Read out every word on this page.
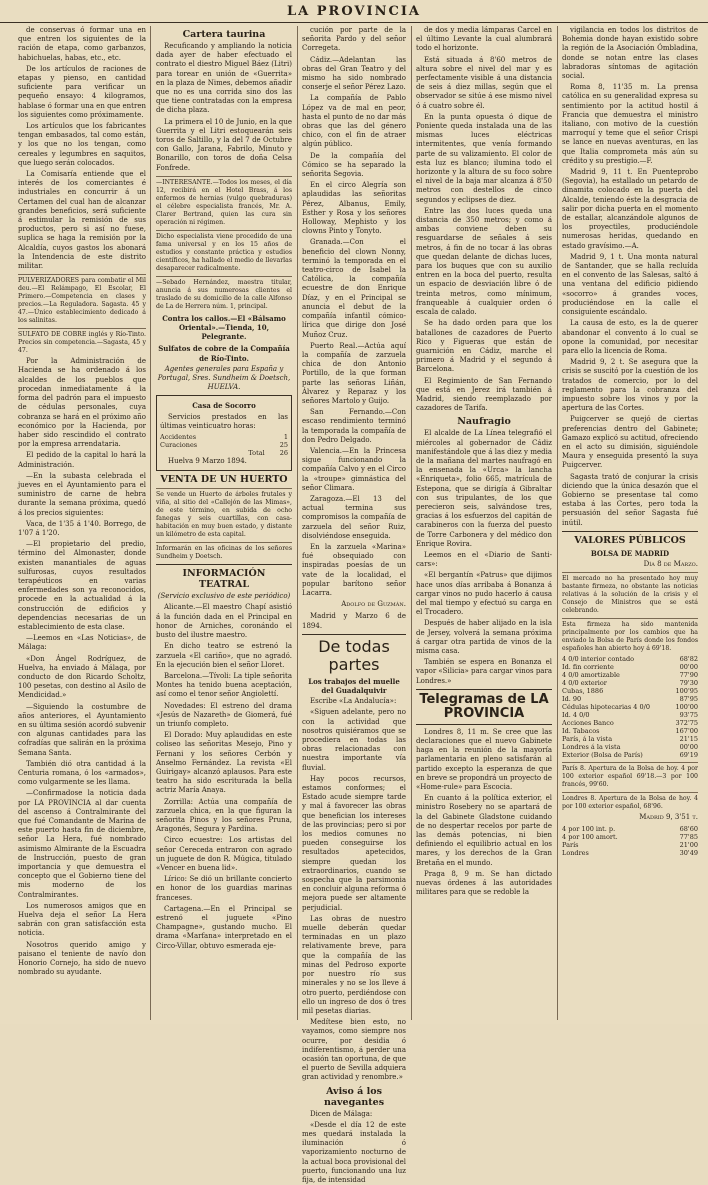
LA PROVINCIA

de conservas ó formar una en que entren los siguientes de la ración de etapa, como garbanzos, habichuelas, habas, etc., etc.

De los artículos de raciones de etapas y pienso, en cantidad suficiente para verificar un pequeño ensayo: 4 kilogramos, hablase ó formar una en que entren los siguientes como próximamente.

Los artículos que los fabricantes tengan embasados, tal como están, y los que no los tengan, como cereales y legumbres en saquitos, que luego serán colocados.

La Comisaría entiende que el interés de los comerciantes é industriales en concurrir á un Certamen del cual han de alcanzar grandes beneficios, será suficiente á estimular la remisión de sus productos, pero si así no fuese, suplica se haga la remisión por la Alcaldía, cuyos gastos los abonará la Intendencia de este distrito militar.

PULVERIZADORES para combatir el Mil deu.—El Relámpago, El Escolar, El Primero.—Competencia en clases y precios.—La Reguladora. Sagasta. 45 y 47.—Único establecimiento dedicado á los salinitas.

SULFATO DE COBRE inglés y Río-Tinto. Precios sin competencia.—Sagasta, 45 y 47.

Por la Administración de Hacienda se ha ordenado á los alcaldes de los pueblos que procedan inmediatamente á la forma del padrón para el impuesto de cédulas personales, cuya cobranza se hará en el próximo año económico por la Hacienda, por haber sido rescindido el contrato por la empresa arrendataria.

El pedido de la capital lo hará la Administración.

—En la subasta celebrada el jueves en el Ayuntamiento para el suministro de carne de hebra durante la semana próxima, quedó á los precios siguientes:

Vaca, de 1'35 á 1'40. Borrego, de 1'07 á 1'20.

—El propietario del predio, término del Almonaster, donde existen manantiales de aguas sulfurosas, cuyos resultados terapéuticos en varias enfermedades son ya reconocidos, procede en la actualidad á la construcción de edificios y dependencias necesarias de un establecimiento de esta clase.

—Leemos en «Las Noticias», de Málaga:

«Don Ángel Rodríguez, de Huelva, ha enviado á Málaga, por conducto de don Ricardo Scholtz, 100 pesetas, con destino al Asilo de Mendicidad.»

—Siguiendo la costumbre de años anteriores, el Ayuntamiento en su última sesión acordó subvenir con algunas cantidades para las cofradías que salirán en la próxima Semana Santa.

También dió otra cantidad á la Centuria romana, ó los «armados», como vulgarmente se les llama.

—Confirmadose la noticia dada por LA PROVINCIA al dar cuenta del ascenso á Contralmirante del que fué Comandante de Marina de este puerto hasta fin de diciembre, señor La Hera, fué nombrado asimismo Almirante de la Escuadra de Instrucción, puesto de gran importancia y que demuestra el concepto que el Gobierno tiene del mis moderno de los Contralmirantes.

Los numerosos amigos que en Huelva deja el señor La Hera sabrán con gran satisfacción esta noticia.

Nosotros querido amigo y paisano el teniente de navío don Honorio Cornejo, ha sido de nuevo nombrado su ayudante.

Cartera taurina

Recuficando y ampliando la noticia dada ayer de haber efectuado el contrato el diestro Miguel Báez (Litri) para torear en unión de «Guerrita» en la plaza de Nimes, debemos añadir que no es una corrida sino dos las que tiene contratadas con la empresa de dicha plaza.

La primera el 10 de Junio, en la que Guerrita y el Litri estoquearán seis toros de Saltillo, y la del 7 de Octubre con Gallo, Jarana, Fabrilo, Minuto y Bonarillo, con toros de doña Celsa Fonfrede.

—INTERESANTE.—Todos los meses, el día 12, recibirá en el Hotel Brass, á los enfermos de hernias (vulgo quebraduras) el célebre especialista francés, Mr. A. Clarer Bertrand, quien las cura sin operación ni régimen.

Dicho especialista viene procedido de una fama universal y en los 15 años de estudios y constante práctica y estudios científicos, ha hallado el medio de llevarlas desaparecer radicalmente.

—Sebado Hernández, maestra titular, anuncia á sus numerosas clientes el traslado de su domicilio de la calle Alfonso de La de Herrera núm. 1, principal.

Contra los callos.—El «Bálsamo Oriental».—Tienda, 10, Pelegrante.
Sulfatos de cobre de la Compañía de Río-Tinto.

Agentes generales para España y Portugal, Sres. Sundheim & Doetsch, HUELVA.

Casa de Socorro

Servicios prestados en las últimas veinticuatro horas:

Accidentes	1
Curaciones	25
Total	26

Huelva 9 Marzo 1894.

VENTA DE UN HUERTO

Se vende un Huerto de árboles frutales y viña, al sitio del «Callejón de las Mimas», de este término, en subida de ocho fanegas y seis cuartillas, con casa-habitación en muy buen estado, y distante un kilómetro de esta capital.

Informarán en las oficinas de los señores Sundheim y Doetsch.

INFORMACIÓN TEATRAL

(Servicio exclusivo de este periódico)

Alicante.—El maestro Chapí asistió á la función dada en el Principal en honor de Arniches, coronándo el busto del ilustre maestro.

En dicho teatro se estrenó la zarzuela «El cariño», que no agradó. En la ejecución bien el señor Lloret.

Barcelona.—Tívoli: La tiple señorita Montes ha tenido buena aceptación, así como el tenor señor Angiolettí.

Novedades: El estreno del drama «Jesús de Nazareth» de Giomerá, fué un triunfo completo.

El Dorado: Muy aplaudidas en este coliseo las señoritas Mesejo, Pino y Fernani y los señores Cerbón y Anselmo Fernández. La revista «El Guirigay» alcanzó aplausos. Para este teatro ha sido escriturada la bella actriz María Anaya.

Zorrilla: Actúa una compañía de zarzuela chica, en la que figuran la señorita Pinos y los señores Pruna, Aragonés, Segura y Pardina.

Circo ecuestre: Los artistas del señor Cereceda entraron con agrado un juguete de don R. Múgica, titulado «Vencer en buena lid».

Lírico: Se dió un brillante concierto en honor de los guardias marinas franceses.

Cartagena.—En el Principal se estrenó el juguete «Pino Champagne», gustando mucho. El drama «Marfana» interpretado en el Circo-Villar, obtuvo esmerada eje-

cución por parte de la señorita Pardo y del señor Corregeta.

Cádiz.—Adelantan las obras del Gran Teatro y del mismo ha sido nombrado conserje el señor Pérez Lazo.

La compañía de Pablo López va de mal en peor, hasta el punto de no dar más obras que las del género chico, con el fin de atraer algún público.

De la compañía del Cómico se ha separado la señorita Segovia.

En el circo Alegría son aplaudidas las señoritas Pérez, Albanus, Emily, Esther y Rosa y los señores Holloway, Mephisto y los clowns Pinto y Tonyto.

Granada.—Con el beneficio del clown Nonny, terminó la temporada en el teatro-circo de Isabel la Católica, la compañía ecuestre de don Enrique Díaz, y en el Principal se anuncia el debut de la compañía infantil cómico-lírica que dirige don José Muñoz Cruz.

Puerto Real.—Actúa aquí la compañía de zarzuela chica de don Antonio Portillo, de la que forman parte las señoras Liñán, Álvarez y Reparaz y los señores Martolo y Guijo.

San Fernando.—Con escaso rendimiento terminó la temporada la compañía de don Pedro Delgado.

Valencia.—En la Princesa sigue funcionando la compañía Calvo y en el Circo la «troupe» gimnástica del señor Climara.

Zaragoza.—El 13 del actual termina sus compromisos la compañía de zarzuela del señor Ruiz, disolviéndose enseguida.

En la zarzuela «Marina» fué obsequiado con inspiradas poesías de un vate de la localidad, el popular barítono señor Lacarra.

Adolfo de Guzmán.

Madrid y Marzo 6 de 1894.

De todas partes
Los trabajos del muelle del Guadalquivir

Escribe «La Andalucía»:

«Siguen adelante, pero no con la actividad que nosotros quisiéramos que se procediera en todas las obras relacionadas con nuestra importante vía fluvial.

Hay pocos recursos, estamos conformes; el Estado acude siempre tarde y mal á favorecer las obras que benefician los intereses de las provincias; pero si por los medios comunes no pueden conseguirse los resultados apetecidos, siempre quedan los extraordinarios, cuando se sospecha que la parsimonia en concluir alguna reforma ó mejora puede ser altamente perjudicial.

Las obras de nuestro muelle deberán quedar terminadas en un plazo relativamente breve, para que la compañía de las minas del Pedroso exporte por nuestro río sus minerales y no se los lleve á otro puerto, perdiéndose con ello un ingreso de dos ó tres mil pesetas diarias.

Medítese bien esto, no vayamos, como siempre nos ocurre, por desidia ó indiferentismo, á perder una ocasión tan oportuna, de que el puerto de Sevilla adquiera gran actividad y renombre.»

Aviso á los navegantes

Dicen de Málaga:

«Desde el día 12 de este mes quedará instalada la iluminación ó vaporizamiento nocturno de la actual boca provisional del puerto, funcionando una luz fija, de intensidad

de dos y media lámparas Carcel en el último Levante la cual alumbrará todo el horizonte.

Está situada á 8'60 metros de altura sobre el nivel del mar y es perfectamente visible á una distancia de seis á diez millas, según que el observador se sitúe á ese mismo nivel ó á cuatro sobre él.

En la punta opuesta ó dique de Poniente queda instalada una de las mismas luces eléctricas intermitentes, que venía formando parte de su valizamiento. El color de esta luz es blanco; ilumina todo el horizonte y la altura de su foco sobre el nivel de la baja mar alcanza á 8'50 metros con destellos de cinco segundos y eclipses de diez.

Entre las dos luces queda una distancia de 350 metros; y como á ambas conviene deben su resguardarse de señales á seis metros, á fin de no tocar á las obras que quedan delante de dichas luces, para los buques que con su auxilio entren en la boca del puerto, resulta un espacio de desviación libre ó de treinta metros, como mínimum, franqueable á cualquier orden ó escala de calado.

Se ha dado orden para que los batallones de cazadores de Puerto Rico y Figueras que están de guarnición en Cádiz, marche el primero á Madrid y el segundo á Barcelona.

El Regimiento de San Fernando que está en Jerez irá también á Madrid, siendo reemplazado por cazadores de Tarifa.

Naufragio

El alcalde de La Línea telegrafió el miércoles al gobernador de Cádiz manifestándole que á las diez y media de la mañana del martes naufragó en la ensenada la «Urca» la lancha «Enriqueta», folio 665, matrícula de Estepona, que se dirigía á Gibraltar con sus tripulantes, de los que perecieron seis, salvándose tres, gracias á los esfuerzos del capitán de carabineros con la fuerza del puesto de Torre Carbonera y del médico don Enrique Rovira.

Leemos en el «Diario de Santi-cars»:

«El bergantín «Patrus» que dijimos hace unos días arribaba á Bonanza á cargar vinos no pudo hacerlo á causa del mal tiempo y efectuó su carga en el Trocadero.

Después de haber alijado en la isla de Jersey, volverá la semana próxima á cargar otra partida de vinos de la misma casa.

También se espera en Bonanza el vapor «Silicia» para cargar vinos para Londres.»

Telegramas de LA PROVINCIA

Londres 8, 11 m. Se cree que las declaraciones que el nuevo Gabinete haga en la reunión de la mayoría parlamentaria en pleno satisfarán al partido excepto la esperanza de que en breve se propondrá un proyecto de «Home-rule» para Escocia.

En cuanto á la política exterior, el ministro Rosebery no se apartará de la del Gabinete Gladstone cuidando de no despertar recelos por parte de las demás potencias, ni bien definiendo el equilibrio actual en los mares, y los derechos de la Gran Bretaña en el mundo.

Praga 8, 9 m. Se han dictado nuevas órdenes á las autoridades militares para que se redoble la

vigilancia en todos los distritos de Bohemia donde hayan existido sobre la región de la Asociación Ómbladina, donde se notan entre las clases labradoras síntomas de agitación social.

Roma 8, 11'35 m. La prensa católica en su generalidad expresa su sentimiento por la actitud hostil á Francia que demuestra el ministro italiano, con motivo de la cuestión marroquí y teme que el señor Crispi se lance en nuevas aventuras, en las que Italia comprometa más aún su crédito y su prestigio.—F.

Madrid 9, 11 t. En Puenteprobo (Segovia), ha estallado un petardo de dinamita colocado en la puerta del Alcalde, teniendo éste la desgracia de salir por dicha puerta en el momento de estallar, alcanzándole algunos de los proyectiles, produciéndole numerosas heridas, quedando en estado gravísimo.—A.

Madrid 9, 1 t. Una monta natural de Santander, que se halla recluída en el convento de las Salesas, saltó á una ventana del edificio pidiendo «socorro» á grandes voces, produciéndose en la calle el consiguiente escándalo.

La causa de esto, es la de querer abandonar el convento á lo cual se opone la comunidad, por necesitar para ello la licencia de Roma.

Madrid 9, 2 t. Se asegura que la crisis se suscitó por la cuestión de los tratados de comercio, por lo del reglamento para la cobranza del impuesto sobre los vinos y por la apertura de las Cortes.

Puigcerver se quejó de ciertas preferencias dentro del Gabinete; Gamazo explicó su actitud, ofreciendo en el acto su dimisión, siguiéndole Maura y enseguida presentó la suya Puigcerver.

Sagasta trató de conjurar la crisis diciendo que la única desazón que el Gobierno se presentase tal como estaba á las Cortes, pero toda la persuasión del señor Sagasta fué inútil.

VALORES PÚBLICOS
BOLSA DE MADRID

Día 8 de Marzo.

El mercado no ha presentado hoy muy bastante firmeza, no obstante las noticias relativas á la solución de la crisis y el Consejo de Ministros que se está celebrando.

Esta firmeza ha sido mantenida principalmente por los cambios que ha enviado la Bolsa de París donde los fondos españoles han abierto hoy á 69'18.

4 0/0 interior contado	68'82
Id. fin corriente	00'00
4 0/0 amortizable	77'90
4 0/0 exterior	79'30
Cubas, 1886	100'95
Id. 90	87'95
Cédulas hipotecarias 4 0/0	100'00
Id. 4 0/0	93'75
Acciones Banco	372'75
Id. Tabacos	167'00
París, á la vista	21'15
Londres á la vista	00'00
Exterior (Bolsa de París)	69'19

París 8. Apertura de la Bolsa de hoy. 4 por 100 exterior español 69'18.—3 por 100 francés, 99'60.

Londres 8. Apertura de la Bolsa de hoy. 4 por 100 exterior español, 68'96.

Madrid 9, 3'51 t.

4 por 100 int. p.	68'60
4 por 100 amort.	77'85
París	21'00
Londres	30'49
